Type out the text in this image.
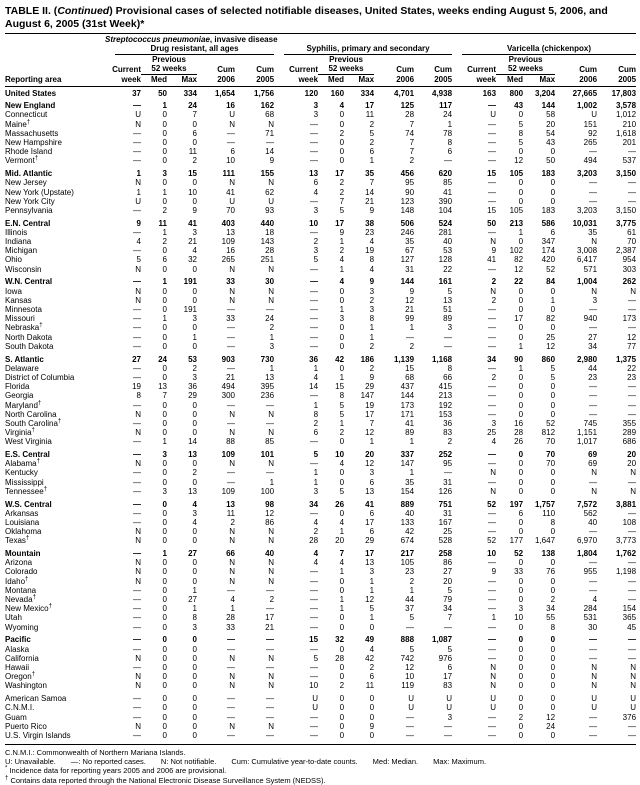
TABLE II. (Continued) Provisional cases of selected notifiable diseases, United States, weeks ending August 5, 2006, and August 6, 2005 (31st Week)*
	Streptococcus pneumoniae, invasive disease														

	Drug resistant, all ages					Syphilis, primary and secondary					Varicella (chickenpox)				

		Previous					Previous					Previous			
	Current	52 weeks		Cum	Cum	Current	52 weeks		Cum	Cum	Current	52 weeks		Cum	Cum
Reporting area	week	Med	Max	2006	2005	week	Med	Max	2006	2005	week	Med	Max	2006	2005
United States	37	50	334	1,654	1,756	120	160	334	4,701	4,938	163	800	3,204	27,665	17,803
New England	—	1	24	16	162	3	4	17	125	117	—	43	144	1,002	3,578
Connecticut	U	0	7	U	68	3	0	11	28	24	U	0	58	U	1,012
Maine†	N	0	0	N	N	—	0	2	7	1	—	5	20	151	210
Massachusetts	—	0	6	—	71	—	2	5	74	78	—	8	54	92	1,618
New Hampshire	—	0	0	—	—	—	0	2	7	8	—	5	43	265	201
Rhode Island	—	0	11	6	14	—	0	6	7	6	—	0	0	—	—
Vermont†	—	0	2	10	9	—	0	1	2	—	—	12	50	494	537
Mid. Atlantic	1	3	15	111	155	13	17	35	456	620	15	105	183	3,203	3,150
New Jersey	N	0	0	N	N	6	2	7	95	85	—	0	0	—	—
New York (Upstate)	1	1	10	41	62	4	2	14	90	41	—	0	0	—	—
New York City	U	0	0	U	U	—	7	21	123	390	—	0	0	—	—
Pennsylvania	—	2	9	70	93	3	5	9	148	104	15	105	183	3,203	3,150
E.N. Central	9	11	41	403	440	10	17	38	506	524	50	213	586	10,031	3,775
Illinois	—	1	3	13	18	—	9	23	246	281	—	1	6	35	61
Indiana	4	2	21	109	143	2	1	4	35	40	N	0	347	N	70
Michigan	—	0	4	16	28	3	2	19	67	53	9	102	174	3,008	2,387
Ohio	5	6	32	265	251	5	4	8	127	128	41	82	420	6,417	954
Wisconsin	N	0	0	N	N	—	1	4	31	22	—	12	52	571	303
W.N. Central	—	1	191	33	30	—	4	9	144	161	2	22	84	1,004	262
Iowa	N	0	0	N	N	—	0	3	9	5	N	0	0	N	N
Kansas	N	0	0	N	N	—	0	2	12	13	2	0	1	3	—
Minnesota	—	0	191	—	—	—	1	3	21	51	—	0	0	—	—
Missouri	—	1	3	33	24	—	3	8	99	89	—	17	82	940	173
Nebraska†	—	0	0	—	2	—	0	1	1	3	—	0	0	—	—
North Dakota	—	0	1	—	1	—	0	1	—	—	—	0	25	27	12
South Dakota	—	0	0	—	3	—	0	2	2	—	—	1	12	34	77
S. Atlantic	27	24	53	903	730	36	42	186	1,139	1,168	34	90	860	2,980	1,375
Delaware	—	0	2	—	1	1	0	2	15	8	—	1	5	44	22
District of Columbia	—	0	3	21	13	4	1	9	68	66	2	0	5	23	23
Florida	19	13	36	494	395	14	15	29	437	415	—	0	0	—	—
Georgia	8	7	29	300	236	—	8	147	144	213	—	0	0	—	—
Maryland†	—	0	0	—	—	1	5	19	173	192	—	0	0	—	—
North Carolina	N	0	0	N	N	8	5	17	171	153	—	0	0	—	—
South Carolina†	—	0	0	—	—	2	1	7	41	36	3	16	52	745	355
Virginia†	N	0	0	N	N	6	2	12	89	83	25	28	812	1,151	289
West Virginia	—	1	14	88	85	—	0	1	1	2	4	26	70	1,017	686
E.S. Central	—	3	13	109	101	5	10	20	337	252	—	0	70	69	20
Alabama†	N	0	0	N	N	—	4	12	147	95	—	0	70	69	20
Kentucky	—	0	2	—	—	1	0	3	1	—	N	0	0	N	N
Mississippi	—	0	0	—	1	1	0	6	35	31	—	0	0	—	—
Tennessee†	—	3	13	109	100	3	5	13	154	126	N	0	0	N	N
W.S. Central	—	0	4	13	98	34	26	41	889	751	52	197	1,757	7,572	3,881
Arkansas	—	0	3	11	12	—	0	6	40	31	—	6	110	562	—
Louisiana	—	0	4	2	86	4	4	17	133	167	—	0	8	40	108
Oklahoma	N	0	0	N	N	2	1	6	42	25	—	0	0	—	—
Texas†	N	0	0	N	N	28	20	29	674	528	52	177	1,647	6,970	3,773
Mountain	—	1	27	66	40	4	7	17	217	258	10	52	138	1,804	1,762
Arizona	N	0	0	N	N	4	4	13	105	86	—	0	0	—	—
Colorado	N	0	0	N	N	—	1	3	23	27	9	33	76	955	1,198
Idaho†	N	0	0	N	N	—	0	1	2	20	—	0	0	—	—
Montana	—	0	1	—	—	—	0	1	1	5	—	0	0	—	—
Nevada†	—	0	27	4	2	—	1	12	44	79	—	0	2	4	—
New Mexico†	—	0	1	1	—	—	1	5	37	34	—	3	34	284	154
Utah	—	0	8	28	17	—	0	1	5	7	1	10	55	531	365
Wyoming	—	0	3	33	21	—	0	0	—	—	—	0	8	30	45
Pacific	—	0	0	—	—	15	32	49	888	1,087	—	0	0	—	—
Alaska	—	0	0	—	—	—	0	4	5	5	—	0	0	—	—
California	N	0	0	N	N	5	28	42	742	976	—	0	0	—	—
Hawaii	—	0	0	—	—	—	0	2	12	6	N	0	0	N	N
Oregon†	N	0	0	N	N	—	0	6	10	17	N	0	0	N	N
Washington	N	0	0	N	N	10	2	11	119	83	N	0	0	N	N
American Samoa	—	0	0	—	—	U	0	0	U	U	U	0	0	U	U
C.N.M.I.	—	0	0	—	—	U	0	0	U	U	U	0	0	U	U
Guam	—	0	0	—	—	—	0	0	—	3	—	2	12	—	376
Puerto Rico	N	0	0	N	N	—	0	9	—	—	—	0	24	—	—
U.S. Virgin Islands	—	0	0	—	—	—	0	0	—	—	—	0	0	—	—
C.N.M.I.: Commonwealth of Northern Mariana Islands.
U: Unavailable. —: No reported cases. N: Not notifiable. Cum: Cumulative year-to-date counts. Med: Median. Max: Maximum.
* Incidence data for reporting years 2005 and 2006 are provisional.
† Contains data reported through the National Electronic Disease Surveillance System (NEDSS).
